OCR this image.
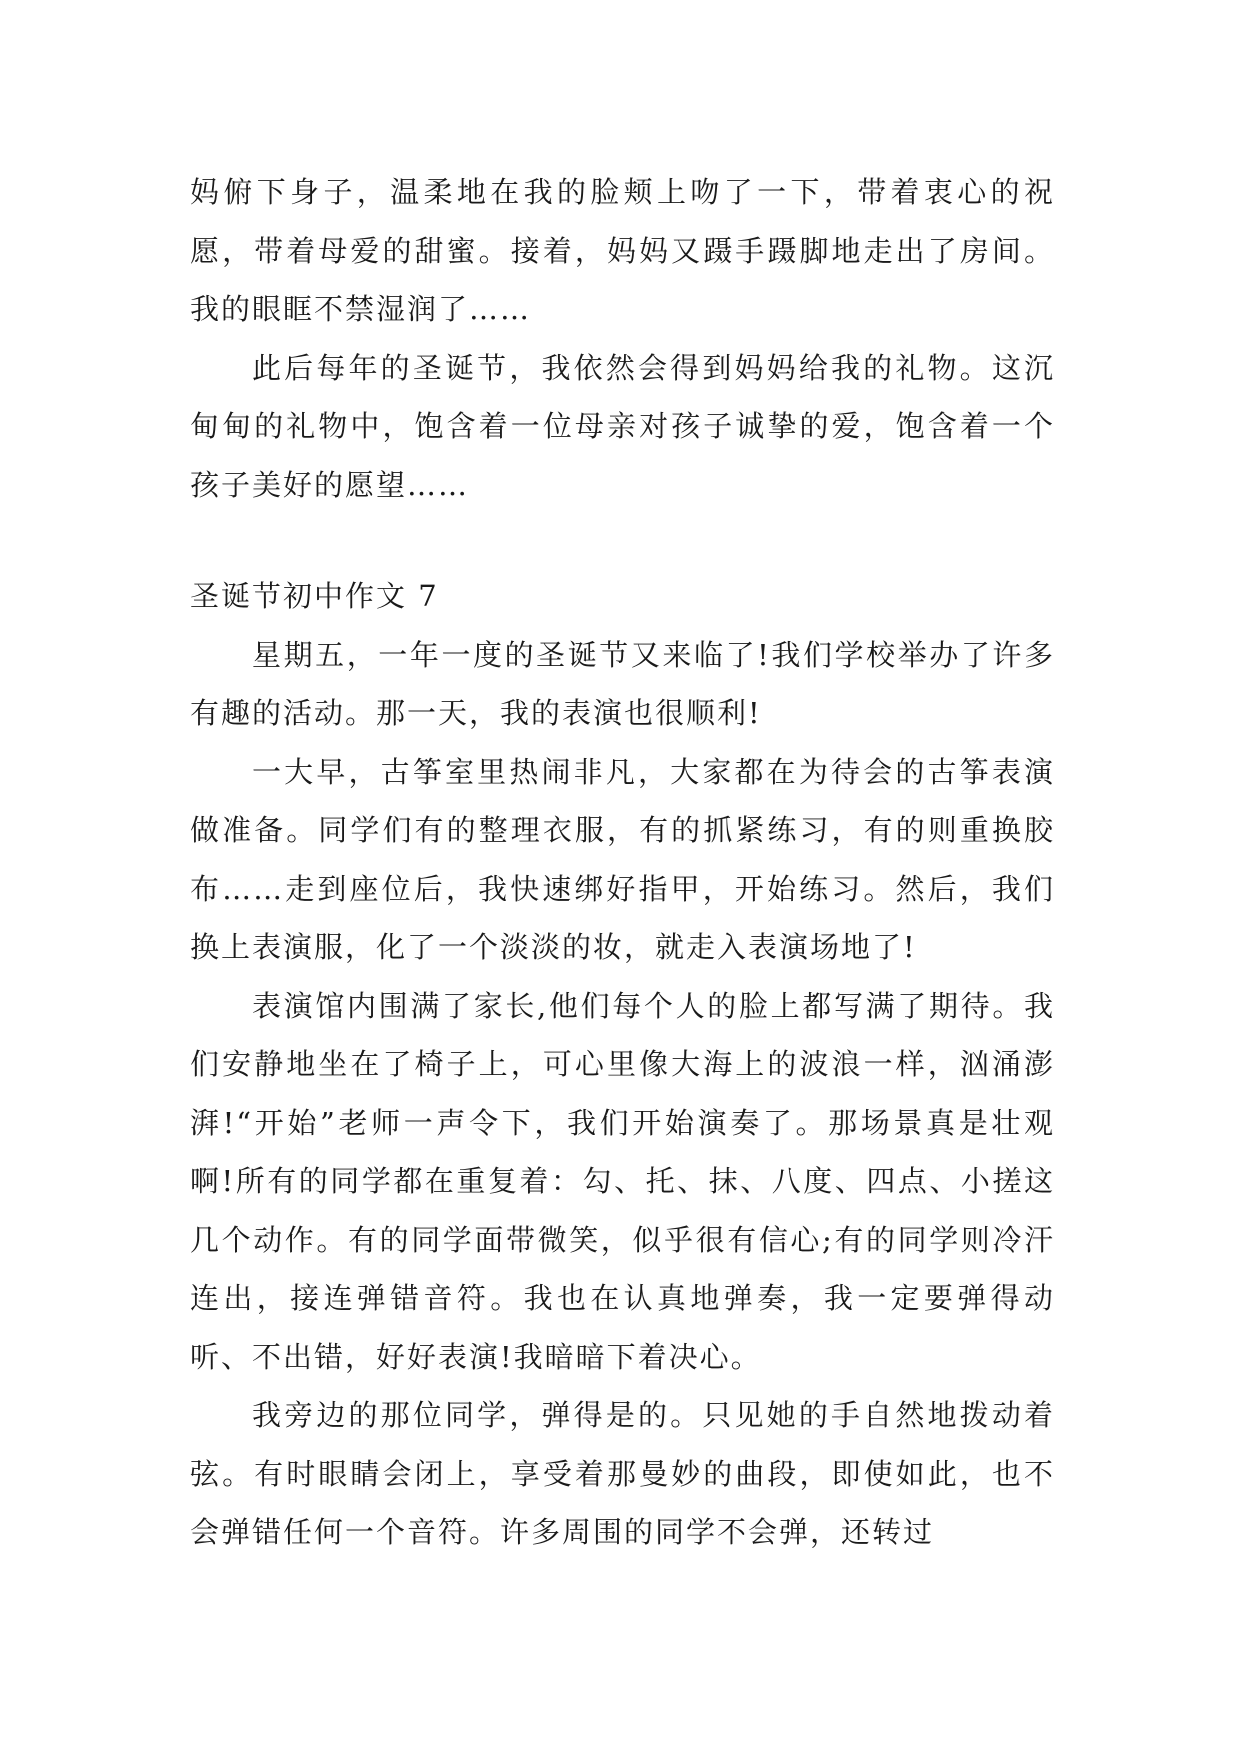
妈俯下身子，温柔地在我的脸颊上吻了一下，带着衷心的祝愿，带着母爱的甜蜜。接着，妈妈又蹑手蹑脚地走出了房间。我的眼眶不禁湿润了……

此后每年的圣诞节，我依然会得到妈妈给我的礼物。这沉甸甸的礼物中，饱含着一位母亲对孩子诚挚的爱，饱含着一个孩子美好的愿望……

圣诞节初中作文 7

星期五，一年一度的圣诞节又来临了!我们学校举办了许多有趣的活动。那一天，我的表演也很顺利!

一大早，古筝室里热闹非凡，大家都在为待会的古筝表演做准备。同学们有的整理衣服，有的抓紧练习，有的则重换胶布……走到座位后，我快速绑好指甲，开始练习。然后，我们换上表演服，化了一个淡淡的妆，就走入表演场地了!

表演馆内围满了家长,他们每个人的脸上都写满了期待。我们安静地坐在了椅子上，可心里像大海上的波浪一样，汹涌澎湃!“开始”老师一声令下，我们开始演奏了。那场景真是壮观啊!所有的同学都在重复着：勾、托、抹、八度、四点、小搓这几个动作。有的同学面带微笑，似乎很有信心;有的同学则冷汗连出，接连弹错音符。我也在认真地弹奏，我一定要弹得动听、不出错，好好表演!我暗暗下着决心。

我旁边的那位同学，弹得是的。只见她的手自然地拨动着弦。有时眼睛会闭上，享受着那曼妙的曲段，即使如此，也不会弹错任何一个音符。许多周围的同学不会弹，还转过
